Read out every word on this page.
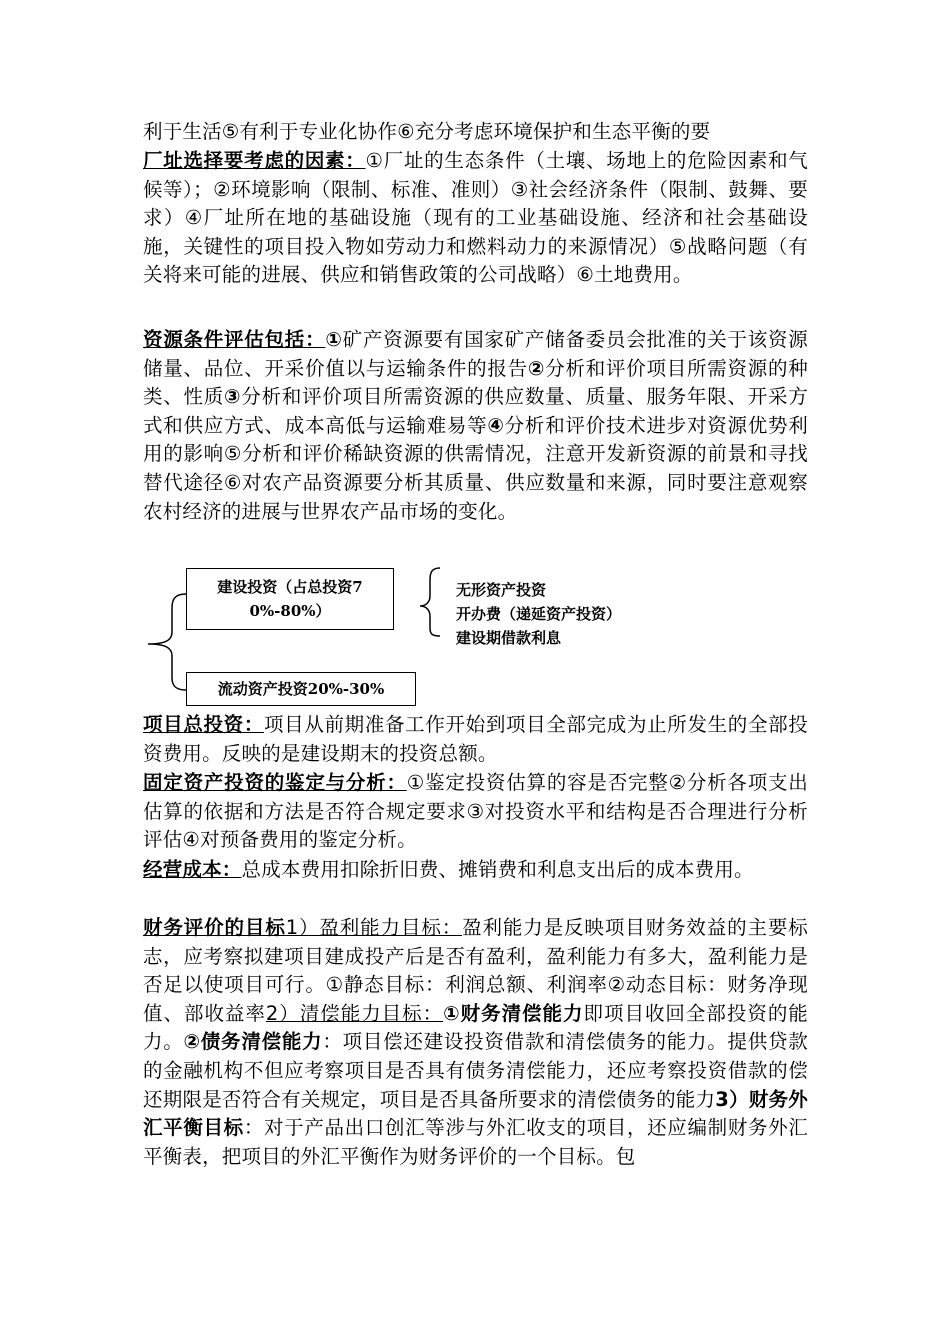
利于生活⑤有利于专业化协作⑥充分考虑环境保护和生态平衡的要

厂址选择要考虑的因素：①厂址的生态条件（土壤、场地上的危险因素和气候等）；②环境影响（限制、标准、准则）③社会经济条件（限制、鼓舞、要求）④厂址所在地的基础设施（现有的工业基础设施、经济和社会基础设施，关键性的项目投入物如劳动力和燃料动力的来源情况）⑤战略问题（有关将来可能的进展、供应和销售政策的公司战略）⑥土地费用。

资源条件评估包括：①矿产资源要有国家矿产储备委员会批准的关于该资源储量、品位、开采价值以与运输条件的报告②分析和评价项目所需资源的种类、性质③分析和评价项目所需资源的供应数量、质量、服务年限、开采方式和供应方式、成本高低与运输难易等④分析和评价技术进步对资源优势利用的影响⑤分析和评价稀缺资源的供需情况，注意开发新资源的前景和寻找替代途径⑥对农产品资源要分析其质量、供应数量和来源，同时要注意观察农村经济的进展与世界农产品市场的变化。

建设投资（占总投资7
0%-80%）
流动资产投资20%-30%
无形资产投资
开办费（递延资产投资）
建设期借款利息

项目总投资：项目从前期准备工作开始到项目全部完成为止所发生的全部投资费用。反映的是建设期末的投资总额。

固定资产投资的鉴定与分析：①鉴定投资估算的容是否完整②分析各项支出估算的依据和方法是否符合规定要求③对投资水平和结构是否合理进行分析评估④对预备费用的鉴定分析。

经营成本：总成本费用扣除折旧费、摊销费和利息支出后的成本费用。

财务评价的目标1）盈利能力目标：盈利能力是反映项目财务效益的主要标志，应考察拟建项目建成投产后是否有盈利，盈利能力有多大，盈利能力是否足以使项目可行。①静态目标：利润总额、利润率②动态目标：财务净现值、部收益率2）清偿能力目标：①财务清偿能力即项目收回全部投资的能力。②债务清偿能力：项目偿还建设投资借款和清偿债务的能力。提供贷款的金融机构不但应考察项目是否具有债务清偿能力，还应考察投资借款的偿还期限是否符合有关规定，项目是否具备所要求的清偿债务的能力3）财务外汇平衡目标：对于产品出口创汇等涉与外汇收支的项目，还应编制财务外汇平衡表，把项目的外汇平衡作为财务评价的一个目标。包
